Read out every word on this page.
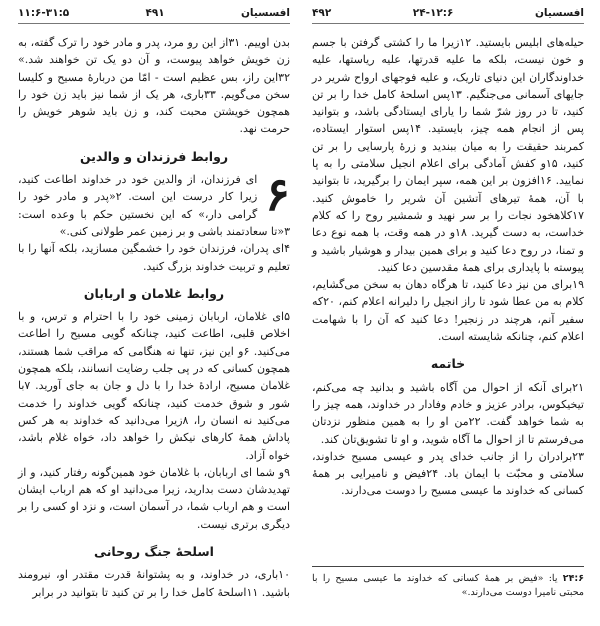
افسسیان
۴۹۱
۱۱:۶-۳۱:۵

بدن اویيم. ۳۱از این رو مرد، پدر و مادر خود را ترک گفته، به زن خویش خواهد پیوست، و آن دو یک تن خواهند شد.» ۳۲این راز، بس عظیم است - امّا من دربارهٔ مسیح و کلیسا سخن می‌گویم. ۳۳باری، هر یک از شما نیز باید زن خود را همچون خویشتن محبت کند، و زن باید شوهر خویش را حرمت نهد.

روابط فرزندان و والدین

۶
ای فرزندان، از والدین خود در خداوند اطاعت کنید، زیرا کار درست این است. ۲«پدر و مادر خود را گرامی دار،» که این نخستین حکم با وعده است: ۳«تا سعادتمند باشی و بر زمین عمر طولانی کنی.»

۴ای پدران، فرزندان خود را خشمگین مسازید، بلکه آنها را با تعلیم و تربیت خداوند بزرگ کنید.

روابط غلامان و اربابان

۵ای غلامان، اربابان زمینی خود را با احترام و ترس، و با اخلاص قلبی، اطاعت کنید، چنانکه گویی مسیح را اطاعت می‌کنید. ۶و این نیز، تنها نه هنگامی که مراقب شما هستند، همچون کسانی که در پی جلب رضایت انسانند، بلکه همچون غلامان مسیح، ارادهٔ خدا را با دل و جان به جای آورید. ۷با شور و شوق خدمت کنید، چنانکه گویی خداوند را خدمت می‌کنید نه انسان را، ۸زیرا می‌دانید که خداوند به هر کس پاداش همهٔ کارهای نیکش را خواهد داد، خواه غلام باشد، خواه آزاد.

۹و شما ای اربابان، با غلامان خود همین‌گونه رفتار کنید، و از تهدیدشان دست بدارید، زیرا می‌دانید او که هم ارباب ایشان است و هم ارباب شما، در آسمان است، و نزد او کسی را بر دیگری برتری نیست.

اسلحهٔ جنگ روحانی

۱۰باری، در خداوند، و به پشتوانهٔ قدرت مقتدر او، نیرومند باشید. ۱۱اسلحهٔ کامل خدا را بر تن کنید تا بتوانید در برابر

افسسیان
۲۴-۱۲:۶
۴۹۲

حیله‌های ابلیس بایستید. ۱۲زیرا ما را کشتی گرفتن با جسم و خون نیست، بلکه ما علیه قدرتها، علیه ریاستها، علیه خداوندگاران این دنیای تاریک، و علیه فوجهای ارواح شریر در جایهای آسمانی می‌جنگیم. ۱۳پس اسلحهٔ کامل خدا را بر تن کنید، تا در روز شرّ شما را یارای ایستادگی باشد، و بتوانید پس از انجام همه چیز، بایستید. ۱۴پس استوار ایستاده، کمربند حقیقت را به میان ببندید و زرهٔ پارسایی را بر تن کنید، ۱۵و کفش آمادگی برای اعلام انجیل سلامتی را به پا نمایید. ۱۶افزون بر این همه، سپر ایمان را برگیرید، تا بتوانید با آن، همهٔ تیرهای آتشین آن شریر را خاموش کنید. ۱۷کلاهخود نجات را بر سر نهید و شمشیر روح را که کلام خداست، به دست گیرید. ۱۸و در همه وقت، با همه نوع دعا و تمنا، در روح دعا کنید و برای همین بیدار و هوشیار باشید و پیوسته با پایداری برای همهٔ مقدسین دعا کنید.

۱۹برای من نیز دعا کنید، تا هرگاه دهان به سخن می‌گشایم، کلام به من عطا شود تا راز انجیل را دلیرانه اعلام کنم، ۲۰که سفیر آنم، هرچند در زنجیر! دعا کنید که آن را با شهامت اعلام کنم، چنانکه شایسته است.

خاتمه

۲۱برای آنکه از احوال من آگاه باشید و بدانید چه می‌کنم، تیخیکوس، برادر عزیز و خادم وفادار در خداوند، همه چیز را به شما خواهد گفت. ۲۲من او را به همین منظور نزدتان می‌فرستم تا از احوال ما آگاه شوید، و او تا تشویق‌تان کند.

۲۳برادران را از جانب خدای پدر و عیسی مسیح خداوند، سلامتی و محبّت با ایمان باد. ۲۴فیض و نامیرایی بر همهٔ کسانی که خداوند ما عیسی مسیح را دوست می‌دارند.

۲۴:۶ یا: «فیض بر همهٔ کسانی که خداوند ما عیسی مسیح را با محبتی نامیرا دوست می‌دارند.»
